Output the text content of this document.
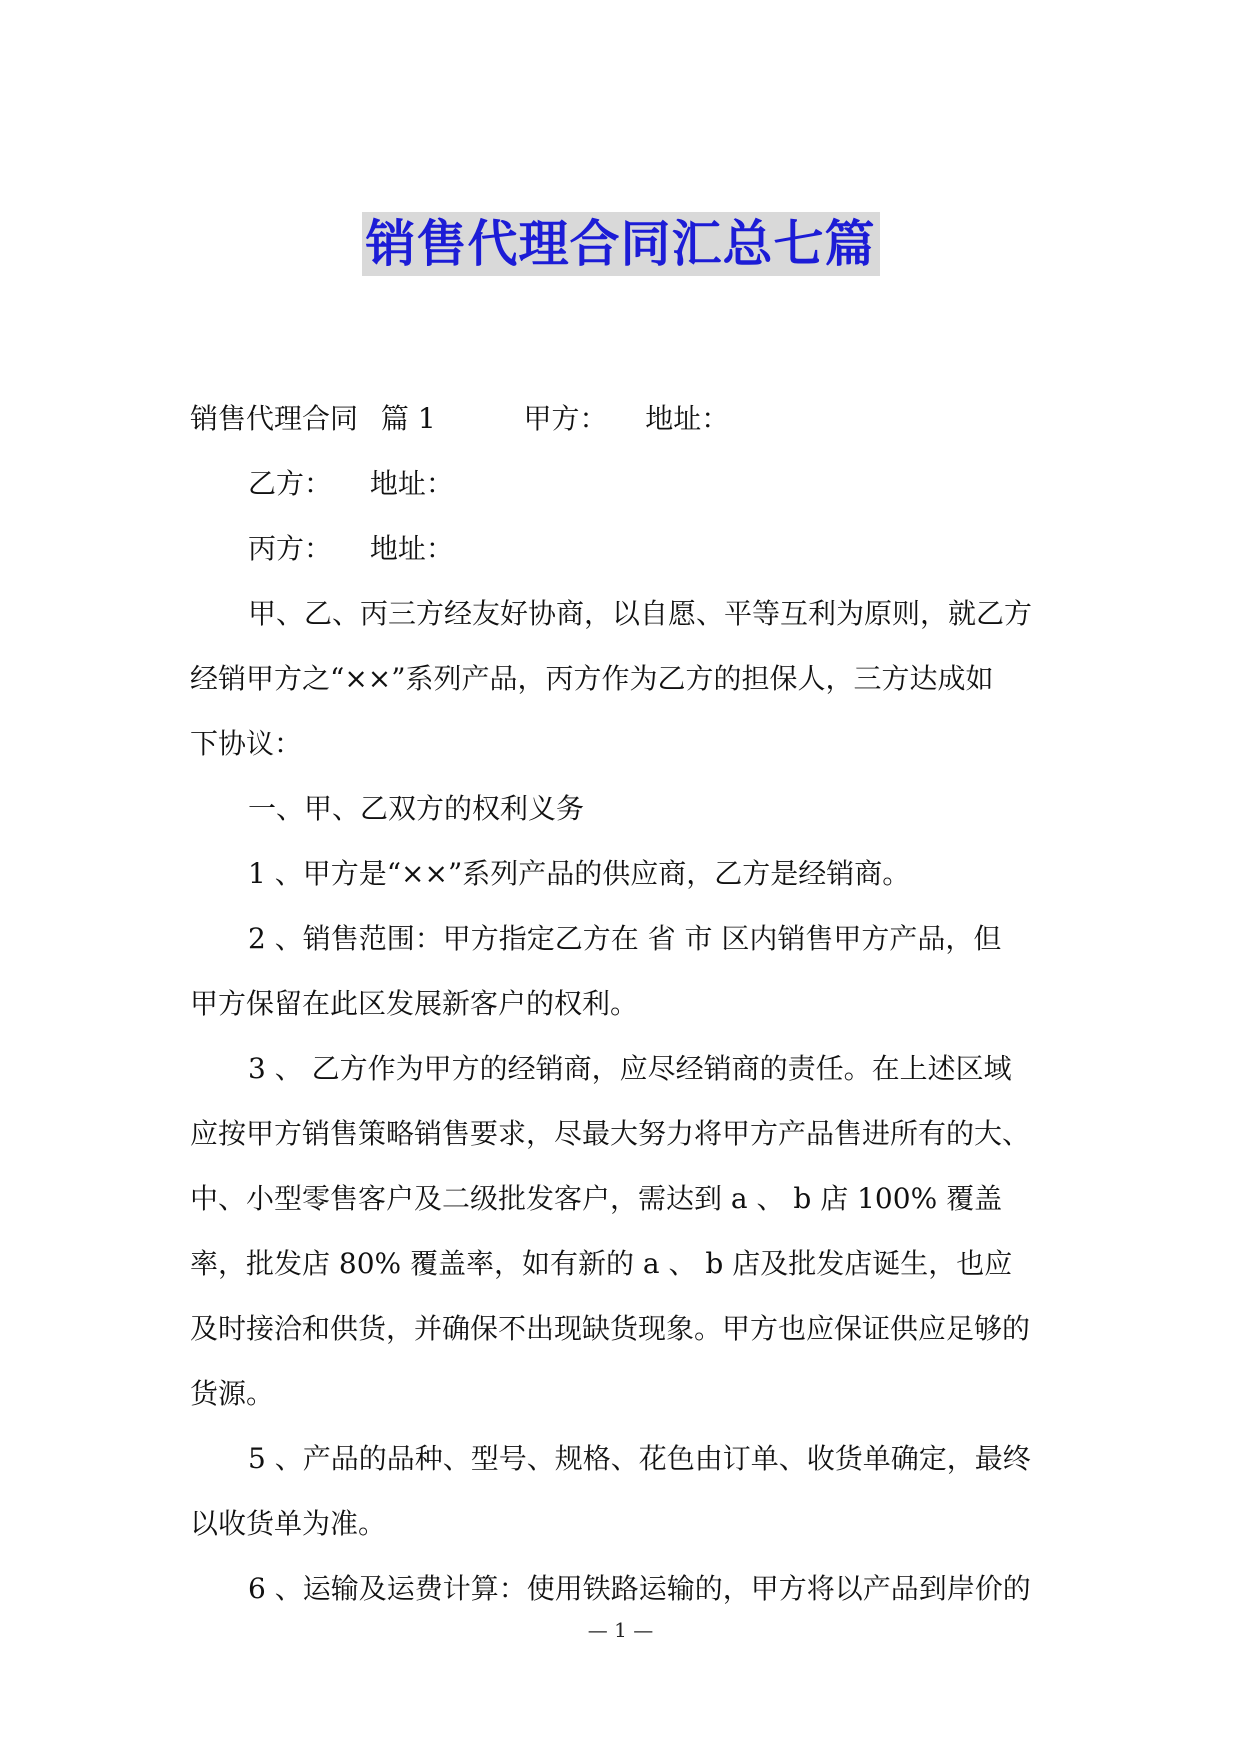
销售代理合同汇总七篇
销售代理合同 篇 1	甲方： 地址：
乙方： 地址：
丙方： 地址：
甲、乙、丙三方经友好协商，以自愿、平等互利为原则，就乙方
经销甲方之“××”系列产品，丙方作为乙方的担保人，三方达成如
下协议：
一、甲、乙双方的权利义务
1 、甲方是“××”系列产品的供应商，乙方是经销商。
2 、销售范围：甲方指定乙方在 省 市 区内销售甲方产品，但
甲方保留在此区发展新客户的权利。
3 、 乙方作为甲方的经销商，应尽经销商的责任。在上述区域
应按甲方销售策略销售要求，尽最大努力将甲方产品售进所有的大、
中、小型零售客户及二级批发客户，需达到 a 、 b 店 100% 覆盖
率，批发店 80% 覆盖率，如有新的 a 、 b 店及批发店诞生，也应
及时接洽和供货，并确保不出现缺货现象。甲方也应保证供应足够的
货源。
5 、产品的品种、型号、规格、花色由订单、收货单确定，最终
以收货单为准。
6 、运输及运费计算：使用铁路运输的，甲方将以产品到岸价的
— 1 —
